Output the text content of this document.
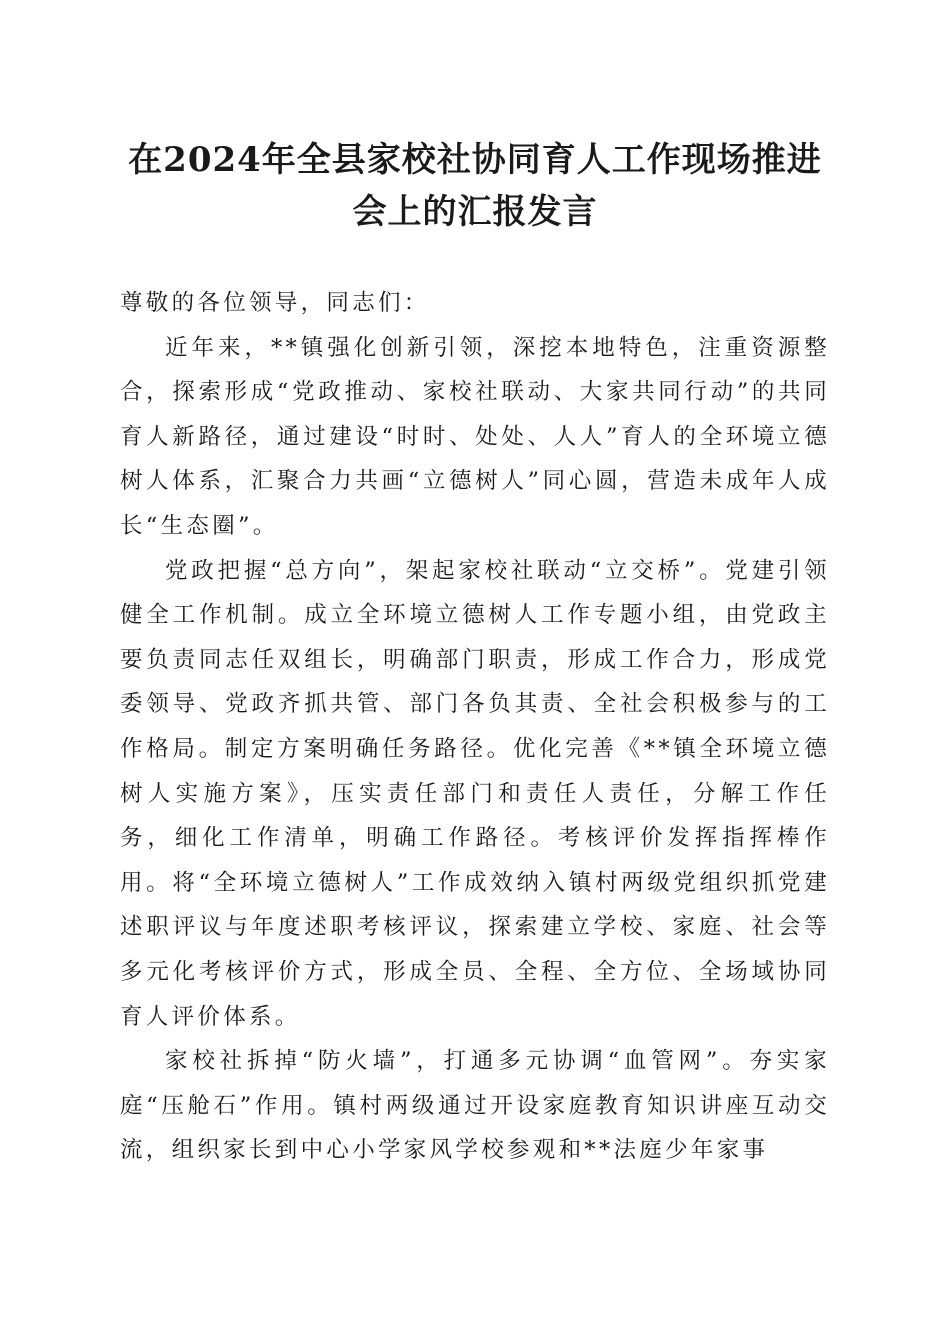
在2024年全县家校社协同育人工作现场推进
会上的汇报发言

尊敬的各位领导，同志们：

近年来，**镇强化创新引领，深挖本地特色，注重资源整合，探索形成“党政推动、家校社联动、大家共同行动”的共同育人新路径，通过建设“时时、处处、人人”育人的全环境立德树人体系，汇聚合力共画“立德树人”同心圆，营造未成年人成长“生态圈”。

党政把握“总方向”，架起家校社联动“立交桥”。党建引领健全工作机制。成立全环境立德树人工作专题小组，由党政主要负责同志任双组长，明确部门职责，形成工作合力，形成党委领导、党政齐抓共管、部门各负其责、全社会积极参与的工作格局。制定方案明确任务路径。优化完善《**镇全环境立德树人实施方案》，压实责任部门和责任人责任，分解工作任务，细化工作清单，明确工作路径。考核评价发挥指挥棒作用。将“全环境立德树人”工作成效纳入镇村两级党组织抓党建述职评议与年度述职考核评议，探索建立学校、家庭、社会等多元化考核评价方式，形成全员、全程、全方位、全场域协同育人评价体系。

家校社拆掉“防火墙”，打通多元协调“血管网”。夯实家庭“压舱石”作用。镇村两级通过开设家庭教育知识讲座互动交流，组织家长到中心小学家风学校参观和**法庭少年家事
